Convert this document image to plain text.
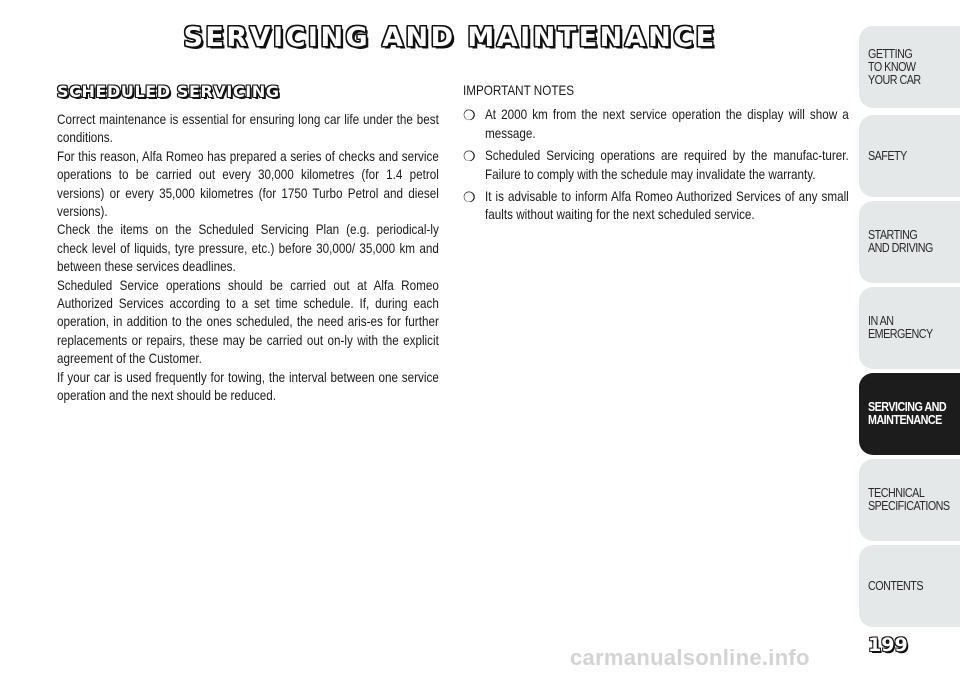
SERVICING AND MAINTENANCE
SCHEDULED SERVICING

Correct maintenance is essential for ensuring long car life under the best conditions.

For this reason, Alfa Romeo has prepared a series of checks and service operations to be carried out every 30,000 kilometres (for 1.4 petrol versions) or every 35,000 kilometres (for 1750 Turbo Petrol and diesel versions).

Check the items on the Scheduled Servicing Plan (e.g. periodical-ly check level of liquids, tyre pressure, etc.) before 30,000/ 35,000 km and between these services deadlines.

Scheduled Service operations should be carried out at Alfa Romeo Authorized Services according to a set time schedule. If, during each operation, in addition to the ones scheduled, the need aris-es for further replacements or repairs, these may be carried out on-ly with the explicit agreement of the Customer.

If your car is used frequently for towing, the interval between one service operation and the next should be reduced.

IMPORTANT NOTES
❍ At 2000 km from the next service operation the display will show a message.
❍ Scheduled Servicing operations are required by the manufac-turer. Failure to comply with the schedule may invalidate the warranty.
❍ It is advisable to inform Alfa Romeo Authorized Services of any small faults without waiting for the next scheduled service.
GETTING
TO KNOW
YOUR CAR
SAFETY
STARTING
AND DRIVING
IN AN
EMERGENCY
SERVICING AND
MAINTENANCE
TECHNICAL
SPECIFICATIONS
CONTENTS
199
carmanualsonline.info
